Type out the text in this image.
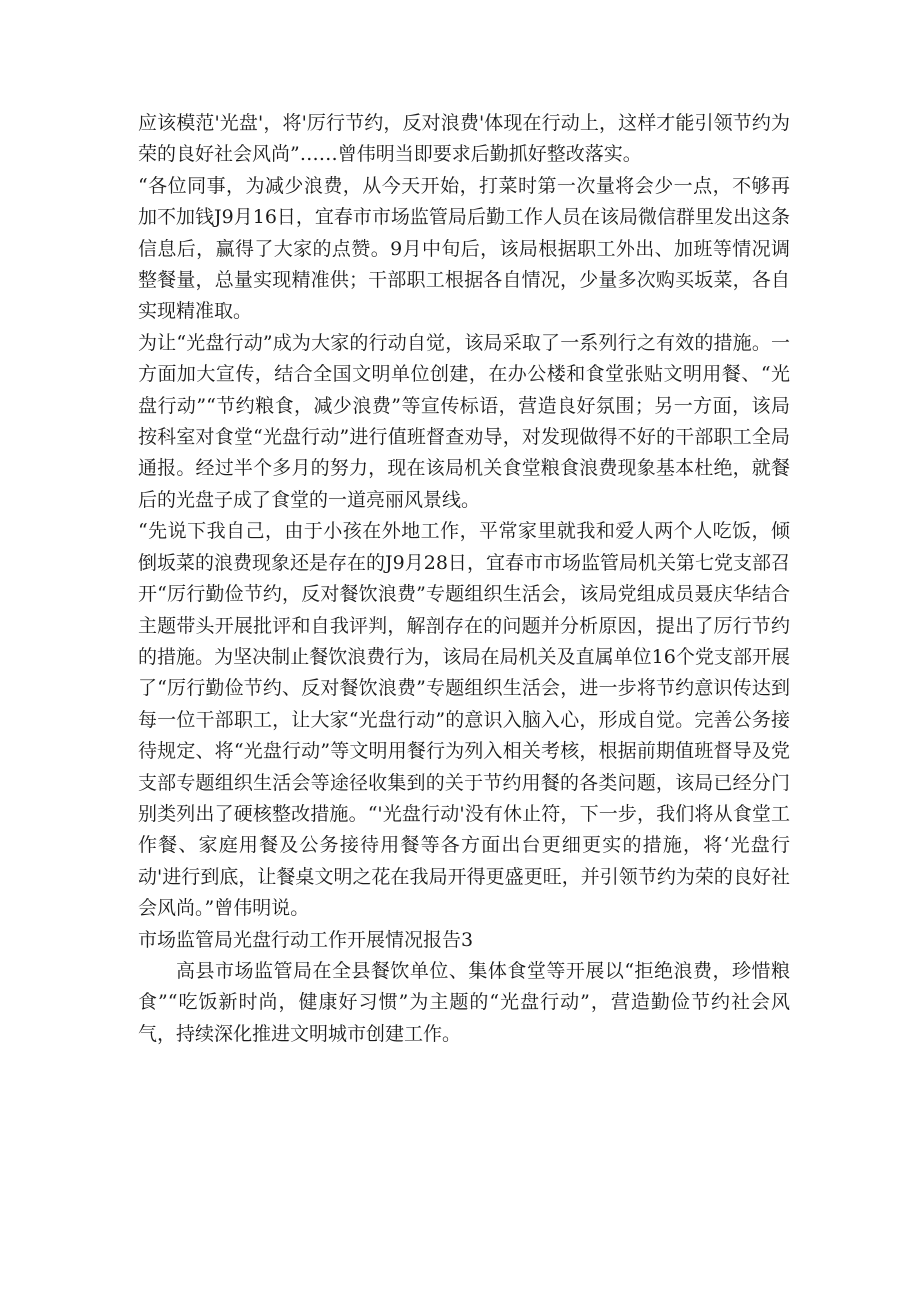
应该模范'光盘'，将'厉行节约，反对浪费'体现在行动上，这样才能引领节约为荣的良好社会风尚”……曾伟明当即要求后勤抓好整改落实。

“各位同事，为减少浪费，从今天开始，打菜时第一次量将会少一点，不够再加不加钱J9月16日，宜春市市场监管局后勤工作人员在该局微信群里发出这条信息后，赢得了大家的点赞。9月中旬后，该局根据职工外出、加班等情况调整餐量，总量实现精准供；干部职工根据各自情况，少量多次购买坂菜，各自实现精准取。

为让“光盘行动”成为大家的行动自觉，该局采取了一系列行之有效的措施。一方面加大宣传，结合全国文明单位创建，在办公楼和食堂张贴文明用餐、“光盘行动”“节约粮食，减少浪费”等宣传标语，营造良好氛围；另一方面，该局按科室对食堂“光盘行动”进行值班督查劝导，对发现做得不好的干部职工全局通报。经过半个多月的努力，现在该局机关食堂粮食浪费现象基本杜绝，就餐后的光盘子成了食堂的一道亮丽风景线。

“先说下我自己，由于小孩在外地工作，平常家里就我和爱人两个人吃饭，倾倒坂菜的浪费现象还是存在的J9月28日，宜春市市场监管局机关第七党支部召开“厉行勤俭节约，反对餐饮浪费”专题组织生活会，该局党组成员聂庆华结合主题带头开展批评和自我评判，解剖存在的问题并分析原因，提出了厉行节约的措施。为坚决制止餐饮浪费行为，该局在局机关及直属单位16个党支部开展了“厉行勤俭节约、反对餐饮浪费”专题组织生活会，进一步将节约意识传达到每一位干部职工，让大家“光盘行动”的意识入脑入心，形成自觉。完善公务接待规定、将“光盘行动”等文明用餐行为列入相关考核，根据前期值班督导及党支部专题组织生活会等途径收集到的关于节约用餐的各类问题，该局已经分门别类列出了硬核整改措施。“'光盘行动'没有休止符，下一步，我们将从食堂工作餐、家庭用餐及公务接待用餐等各方面出台更细更实的措施，将‘光盘行动'进行到底，让餐桌文明之花在我局开得更盛更旺，并引领节约为荣的良好社会风尚。”曾伟明说。

市场监管局光盘行动工作开展情况报告3

高县市场监管局在全县餐饮单位、集体食堂等开展以“拒绝浪费，珍惜粮食”“吃饭新时尚，健康好习惯”为主题的“光盘行动”，营造勤俭节约社会风气，持续深化推进文明城市创建工作。
